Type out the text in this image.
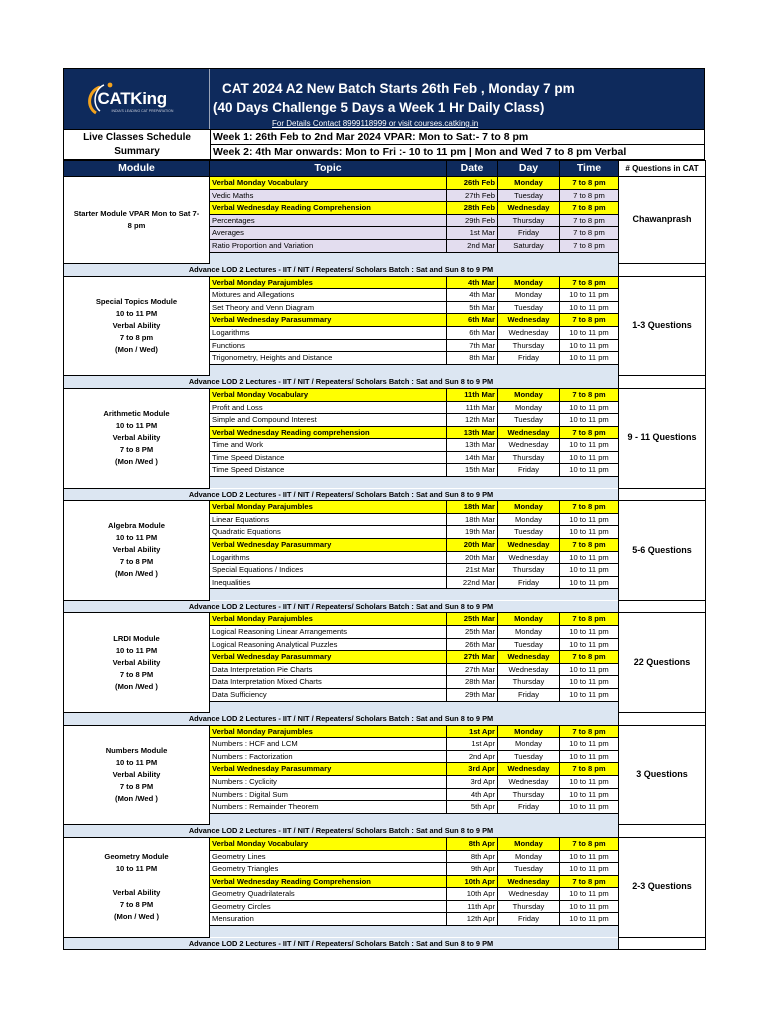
CATKing
INDIA'S LEADING CAT PREPARATION
CAT 2024 A2 New Batch Starts 26th Feb , Monday 7 pm
(40 Days Challenge 5 Days a Week 1 Hr Daily Class)
For Details Contact 8999118999 or visit courses.catking.in
Live Classes Schedule
Summary
Week 1: 26th Feb to 2nd Mar 2024 VPAR: Mon to Sat:- 7 to 8 pm
Week 2: 4th Mar onwards: Mon to Fri :- 10 to 11 pm | Mon and Wed 7 to 8 pm Verbal
Module	Topic	Date	Day	Time	# Questions in CAT

Starter Module VPAR Mon to Sat 7-
8 pm	Verbal Monday Vocabulary	26th Feb	Monday	7 to 8 pm	Chawanprash
	Vedic Maths	27th Feb	Tuesday	7 to 8 pm	
	Verbal Wednesday Reading Comprehension	28th Feb	Wednesday	7 to 8 pm	
	Percentages	29th Feb	Thursday	7 to 8 pm	
	Averages	1st Mar	Friday	7 to 8 pm	
	Ratio Proportion and Variation	2nd Mar	Saturday	7 to 8 pm	

Advance LOD 2 Lectures - IIT / NIT / Repeaters/ Scholars Batch : Sat and Sun 8 to 9 PM					

Special Topics Module
10 to 11 PM
Verbal Ability
7 to 8 pm
(Mon / Wed)	Verbal Monday Parajumbles	4th Mar	Monday	7 to 8 pm	1-3 Questions
	Mixtures and Allegations	4th Mar	Monday	10 to 11 pm	
	Set Theory and Venn Diagram	5th Mar	Tuesday	10 to 11 pm	
	Verbal Wednesday Parasummary	6th Mar	Wednesday	7 to 8 pm	
	Logarithms	6th Mar	Wednesday	10 to 11 pm	
	Functions	7th Mar	Thursday	10 to 11 pm	
	Trigonometry, Heights and Distance	8th Mar	Friday	10 to 11 pm	

Advance LOD 2 Lectures - IIT / NIT / Repeaters/ Scholars Batch : Sat and Sun 8 to 9 PM					

Arithmetic Module
10 to 11 PM
Verbal Ability
7 to 8 PM
(Mon /Wed )	Verbal Monday Vocabulary	11th Mar	Monday	7 to 8 pm	9 - 11 Questions
	Profit and Loss	11th Mar	Monday	10 to 11 pm	
	Simple and Compound Interest	12th Mar	Tuesday	10 to 11 pm	
	Verbal Wednesday Reading comprehension	13th Mar	Wednesday	7 to 8 pm	
	Time and Work	13th Mar	Wednesday	10 to 11 pm	
	Time Speed Distance	14th Mar	Thursday	10 to 11 pm	
	Time Speed Distance	15th Mar	Friday	10 to 11 pm	

Advance LOD 2 Lectures - IIT / NIT / Repeaters/ Scholars Batch : Sat and Sun 8 to 9 PM					

Algebra Module
10 to 11 PM
Verbal Ability
7 to 8 PM
(Mon /Wed )	Verbal Monday Parajumbles	18th Mar	Monday	7 to 8 pm	5-6 Questions
	Linear Equations	18th Mar	Monday	10 to 11 pm	
	Quadratic Equations	19th Mar	Tuesday	10 to 11 pm	
	Verbal Wednesday Parasummary	20th Mar	Wednesday	7 to 8 pm	
	Logarithms	20th Mar	Wednesday	10 to 11 pm	
	Special Equations / Indices	21st Mar	Thursday	10 to 11 pm	
	Inequalities	22nd Mar	Friday	10 to 11 pm	

Advance LOD 2 Lectures - IIT / NIT / Repeaters/ Scholars Batch : Sat and Sun 8 to 9 PM					

LRDI Module
10 to 11 PM
Verbal Ability
7 to 8 PM
(Mon /Wed )	Verbal Monday Parajumbles	25th Mar	Monday	7 to 8 pm	22 Questions
	Logical Reasoning Linear Arrangements	25th Mar	Monday	10 to 11 pm	
	Logical Reasoning Analytical Puzzles	26th Mar	Tuesday	10 to 11 pm	
	Verbal Wednesday Parasummary	27th Mar	Wednesday	7 to 8 pm	
	Data Interpretation Pie Charts	27th Mar	Wednesday	10 to 11 pm	
	Data Interpretation Mixed Charts	28th Mar	Thursday	10 to 11 pm	
	Data Sufficiency	29th Mar	Friday	10 to 11 pm	

Advance LOD 2 Lectures - IIT / NIT / Repeaters/ Scholars Batch : Sat and Sun 8 to 9 PM					

Numbers Module
10 to 11 PM
Verbal Ability
7 to 8 PM
(Mon /Wed )	Verbal Monday Parajumbles	1st Apr	Monday	7 to 8 pm	3 Questions
	Numbers : HCF and LCM	1st Apr	Monday	10 to 11 pm	
	Numbers : Factorization	2nd Apr	Tuesday	10 to 11 pm	
	Verbal Wednesday Parasummary	3rd Apr	Wednesday	7 to 8 pm	
	Numbers : Cyclicity	3rd Apr	Wednesday	10 to 11 pm	
	Numbers : Digital Sum	4th Apr	Thursday	10 to 11 pm	
	Numbers : Remainder Theorem	5th Apr	Friday	10 to 11 pm	

Advance LOD 2 Lectures - IIT / NIT / Repeaters/ Scholars Batch : Sat and Sun 8 to 9 PM					

Geometry Module
10 to 11 PM
Verbal Ability
7 to 8 PM
(Mon / Wed )	Verbal Monday Vocabulary	8th Apr	Monday	7 to 8 pm	2-3 Questions
	Geometry Lines	8th Apr	Monday	10 to 11 pm	
	Geometry Triangles	9th Apr	Tuesday	10 to 11 pm	
	Verbal Wednesday Reading Comprehension	10th Apr	Wednesday	7 to 8 pm	
	Geometry Quadrilaterals	10th Apr	Wednesday	10 to 11 pm	
	Geometry Circles	11th Apr	Thursday	10 to 11 pm	
	Mensuration	12th Apr	Friday	10 to 11 pm	

Advance LOD 2 Lectures - IIT / NIT / Repeaters/ Scholars Batch : Sat and Sun 8 to 9 PM					
